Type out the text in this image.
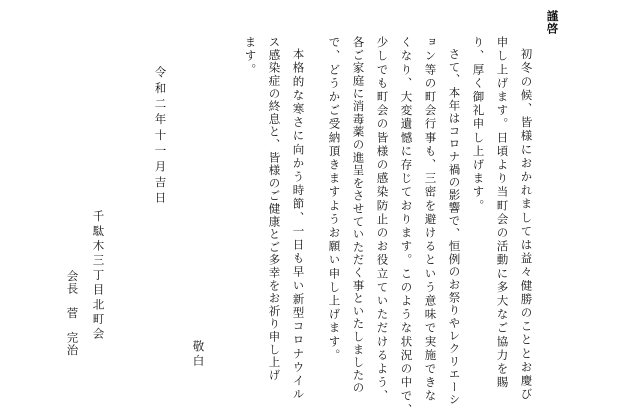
謹啓

初冬の候、皆様におかれましては益々健勝のこととお慶び

申し上げます。日頃より当町会の活動に多大なご協力を賜

り、厚く御礼申し上げます。

さて、本年はコロナ禍の影響で、恒例のお祭りやレクリエーシ

ョン等の町会行事も、三密を避けるという意味で実施できな

くなり、大変遺憾に存じております。このような状況の中で、

少しでも町会の皆様の感染防止のお役立ていただけるよう、

各ご家庭に消毒薬の進呈をさせていただく事といたしましたの

で、どうかご受納頂きますようお願い申し上げます。

本格的な寒さに向かう時節、一日も早い新型コロナウイル

ス感染症の終息と、皆様のご健康とご多幸をお祈り申し上げ

ます。

敬白

令和二年十一月吉日

千駄木三丁目北町会

会長菅完治
